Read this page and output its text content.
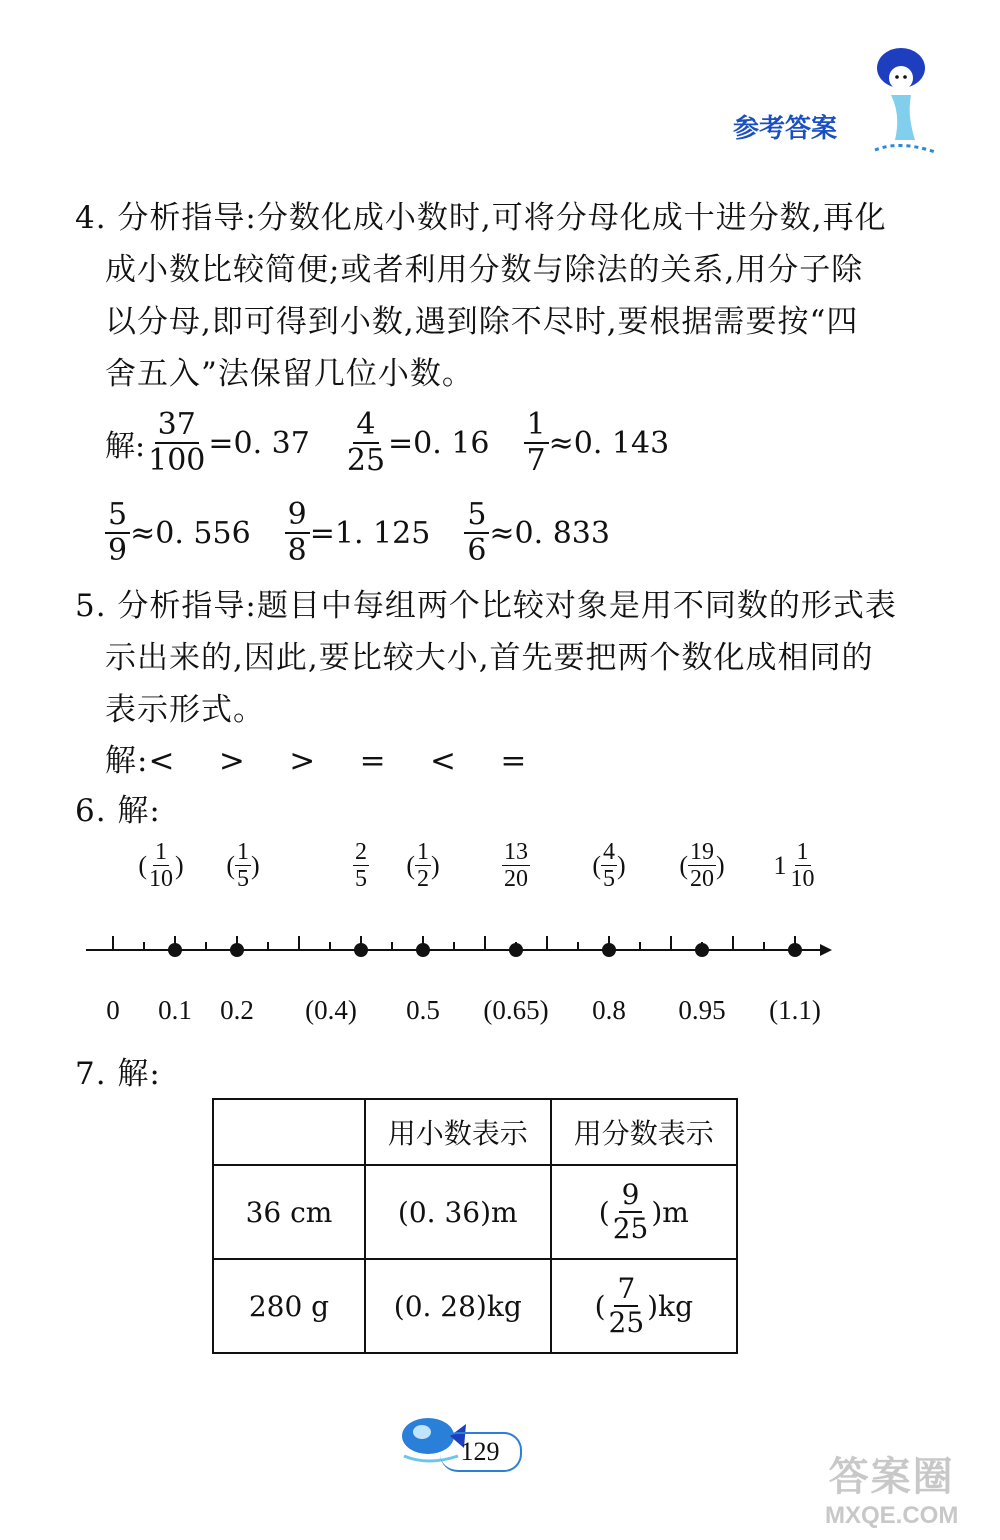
参考答案
4. 分析指导:分数化成小数时,可将分母化成十进分数,再化
成小数比较简便;或者利用分数与除法的关系,用分子除
以分母,即可得到小数,遇到除不尽时,要根据需要按“四
舍五入”法保留几位小数。
解: $\frac{37}{100} =0$. $37 \frac{4}{25} =0$. $16 \frac{1}{7} \approx 0$. 143
$\frac{5}{9} \approx 0$. $556 \frac{9}{8} =1$. $125 \frac{5}{6} \approx 0$. 833
5. 分析指导:题目中每组两个比较对象是用不同数的形式表
示出来的,因此,要比较大小,首先要把两个数化成相同的
表示形式。
解:<    >    >    =    <    =
6. 解:
( 1
10 ) ( 1
5 )	2
5 ( 1
2 )	13
20 ( 4
5 ) ( 19
20 ) 1 1
10
0 0.1 0.2 (0.4) 0.5 (0.65) 0.8 0.95 (1.1)
7. 解:
	用小数表示	用分数表示
36 cm	(0. 36)m	( $\frac{9}{25}$ ) m

280 g	(0. 28)kg	( $\frac{7}{25}$ ) kg
129
答案圈
MXQE.COM
